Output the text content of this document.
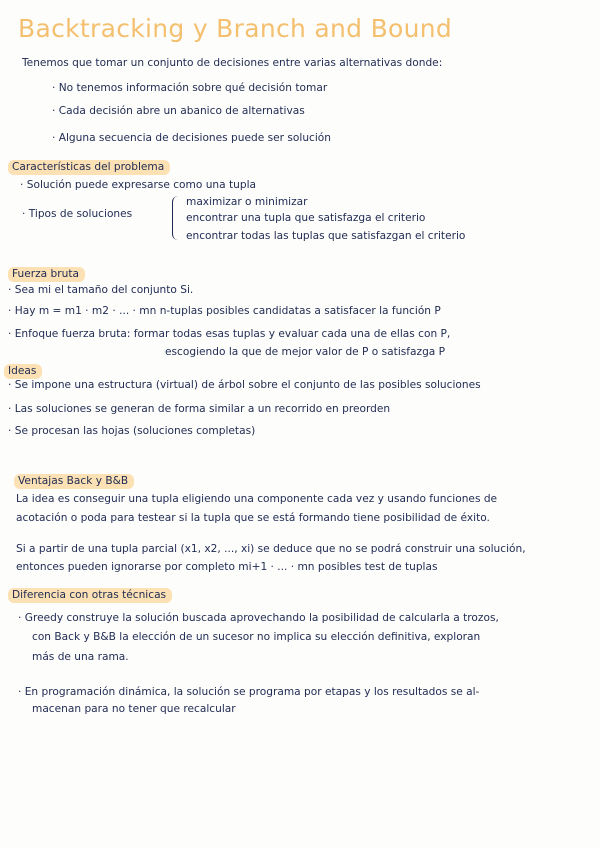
Backtracking y Branch and Bound
Tenemos que tomar un conjunto de decisiones entre varias alternativas donde:
· No tenemos información sobre qué decisión tomar
· Cada decisión abre un abanico de alternativas
· Alguna secuencia de decisiones puede ser solución
Características del problema
· Solución puede expresarse como una tupla
· Tipos de soluciones
maximizar o minimizar
encontrar una tupla que satisfazga el criterio
encontrar todas las tuplas que satisfazgan el criterio
Fuerza bruta
· Sea mi el tamaño del conjunto Si.
· Hay m = m1 · m2 · ... · mn n-tuplas posibles candidatas a satisfacer la función P
· Enfoque fuerza bruta: formar todas esas tuplas y evaluar cada una de ellas con P,
escogiendo la que de mejor valor de P o satisfazga P
Ideas
· Se impone una estructura (virtual) de árbol sobre el conjunto de las posibles soluciones
· Las soluciones se generan de forma similar a un recorrido en preorden
· Se procesan las hojas (soluciones completas)
Ventajas Back y B&B
La idea es conseguir una tupla eligiendo una componente cada vez y usando funciones de
acotación o poda para testear si la tupla que se está formando tiene posibilidad de éxito.
Si a partir de una tupla parcial (x1, x2, ..., xi) se deduce que no se podrá construir una solución,
entonces pueden ignorarse por completo mi+1 · ... · mn posibles test de tuplas
Diferencia con otras técnicas
· Greedy construye la solución buscada aprovechando la posibilidad de calcularla a trozos,
con Back y B&B la elección de un sucesor no implica su elección definitiva, exploran
más de una rama.
· En programación dinámica, la solución se programa por etapas y los resultados se al-
macenan para no tener que recalcular
